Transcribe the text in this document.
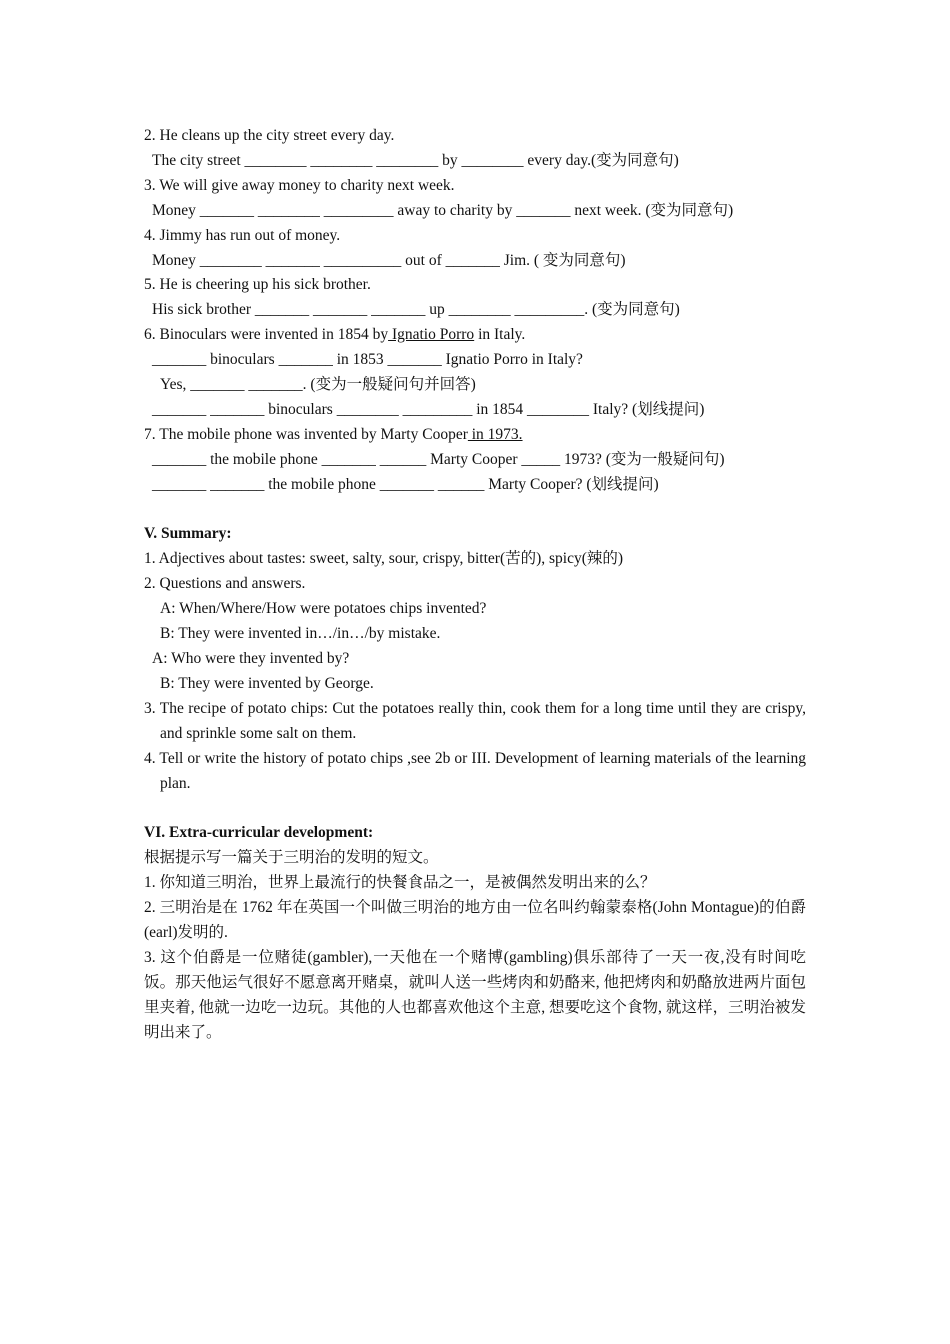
2. He cleans up the city street every day.
The city street ________ ________ ________ by ________ every day.(变为同意句)
3. We will give away money to charity next week.
Money _______ ________ _________ away to charity by _______ next week. (变为同意句)
4. Jimmy has run out of money.
Money ________ _______ __________ out of _______ Jim. ( 变为同意句)
5. He is cheering up his sick brother.
His sick brother _______ _______ _______ up ________ _________. (变为同意句)
6. Binoculars were invented in 1854 by Ignatio Porro in Italy.
_______ binoculars _______ in 1853 _______ Ignatio Porro in Italy?
Yes, _______ _______. (变为一般疑问句并回答)
_______ _______ binoculars ________ _________ in 1854 ________ Italy? (划线提问)
7. The mobile phone was invented by Marty Cooper in 1973.
_______ the mobile phone _______ ______ Marty Cooper _____ 1973? (变为一般疑问句)
_______ _______ the mobile phone _______ ______ Marty Cooper? (划线提问)
V. Summary:
1. Adjectives about tastes: sweet, salty, sour, crispy, bitter(苦的), spicy(辣的)
2. Questions and answers.
A: When/Where/How were potatoes chips invented?
B: They were invented in…/in…/by mistake.
A: Who were they invented by?
B: They were invented by George.
3. The recipe of potato chips: Cut the potatoes really thin, cook them for a long time until they are crispy, and sprinkle some salt on them.
4. Tell or write the history of potato chips ,see 2b or III. Development of learning materials of the learning plan.
VI. Extra-curricular development:
根据提示写一篇关于三明治的发明的短文。
1. 你知道三明治，世界上最流行的快餐食品之一，是被偶然发明出来的么？
2. 三明治是在 1762 年在英国一个叫做三明治的地方由一位名叫约翰蒙泰格(John Montague)的伯爵(earl)发明的.
3. 这个伯爵是一位赌徒(gambler),一天他在一个赌博(gambling)俱乐部待了一天一夜,没有时间吃饭。那天他运气很好不愿意离开赌桌，就叫人送一些烤肉和奶酪来, 他把烤肉和奶酪放进两片面包里夹着, 他就一边吃一边玩。其他的人也都喜欢他这个主意, 想要吃这个食物, 就这样，三明治被发明出来了。
